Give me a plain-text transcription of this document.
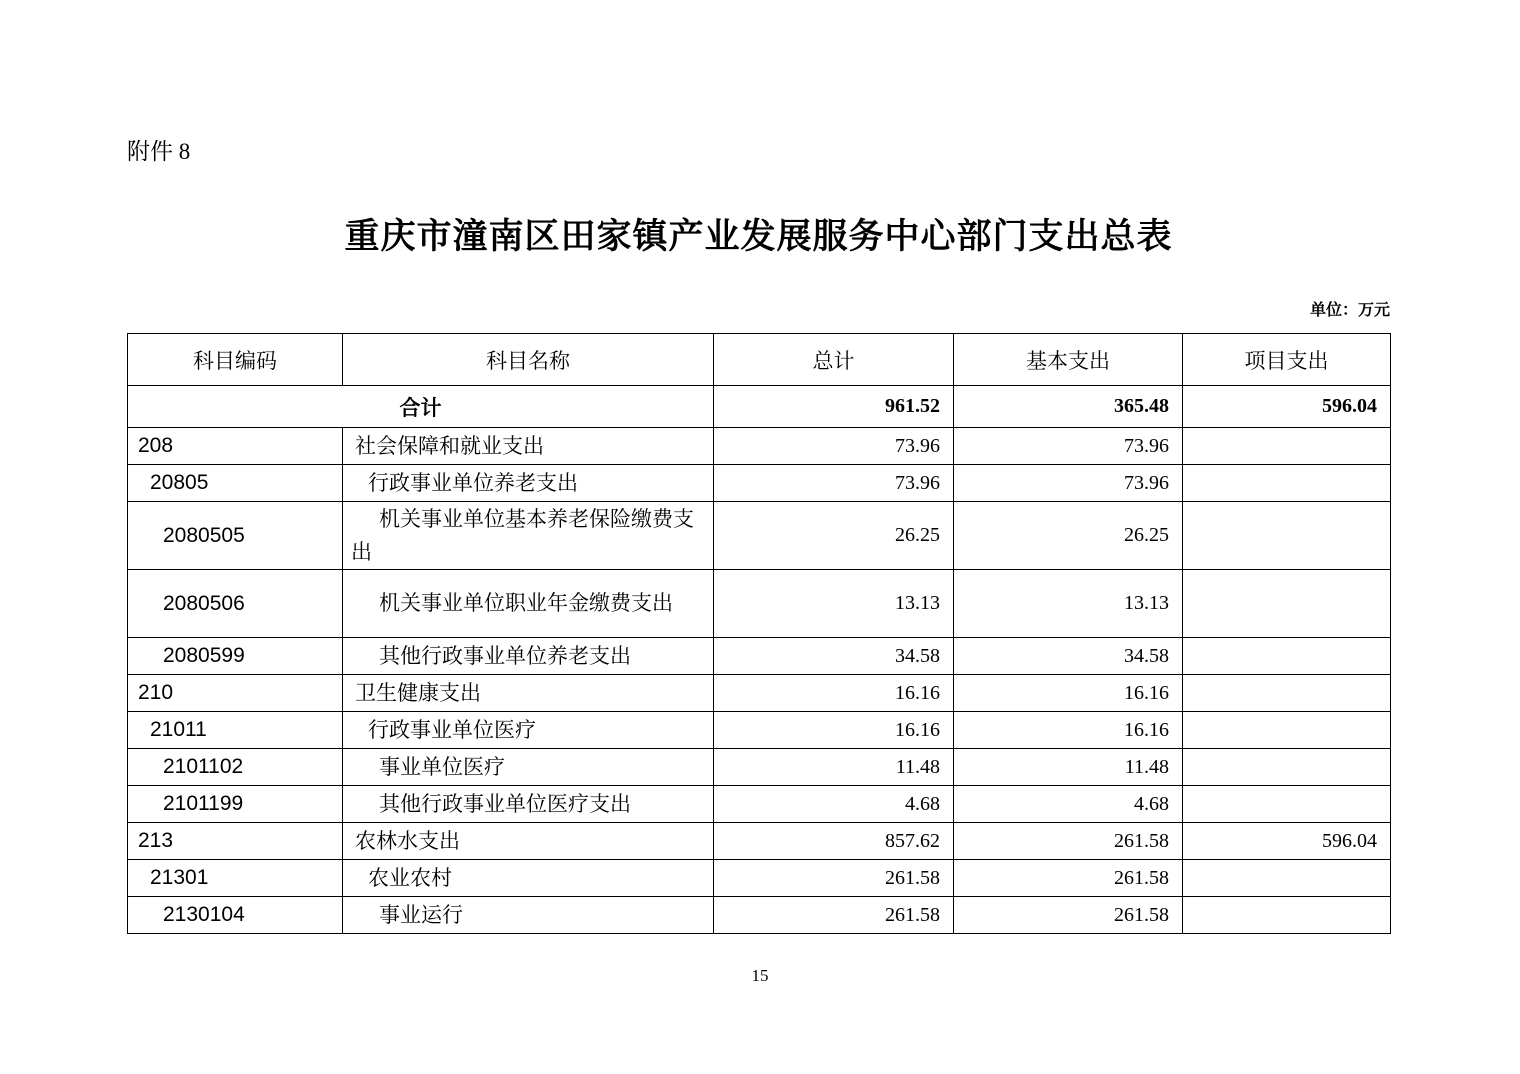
附件 8
重庆市潼南区田家镇产业发展服务中心部门支出总表
单位：万元
科目编码	科目名称	总计	基本支出	项目支出
合计		961.52	365.48	596.04
208	社会保障和就业支出	73.96	73.96	
20805	行政事业单位养老支出	73.96	73.96	
2080505	机关事业单位基本养老保险缴费支出	26.25	26.25	
2080506	机关事业单位职业年金缴费支出	13.13	13.13	
2080599	其他行政事业单位养老支出	34.58	34.58	
210	卫生健康支出	16.16	16.16	
21011	行政事业单位医疗	16.16	16.16	
2101102	事业单位医疗	11.48	11.48	
2101199	其他行政事业单位医疗支出	4.68	4.68	
213	农林水支出	857.62	261.58	596.04
21301	农业农村	261.58	261.58	
2130104	事业运行	261.58	261.58	
15
